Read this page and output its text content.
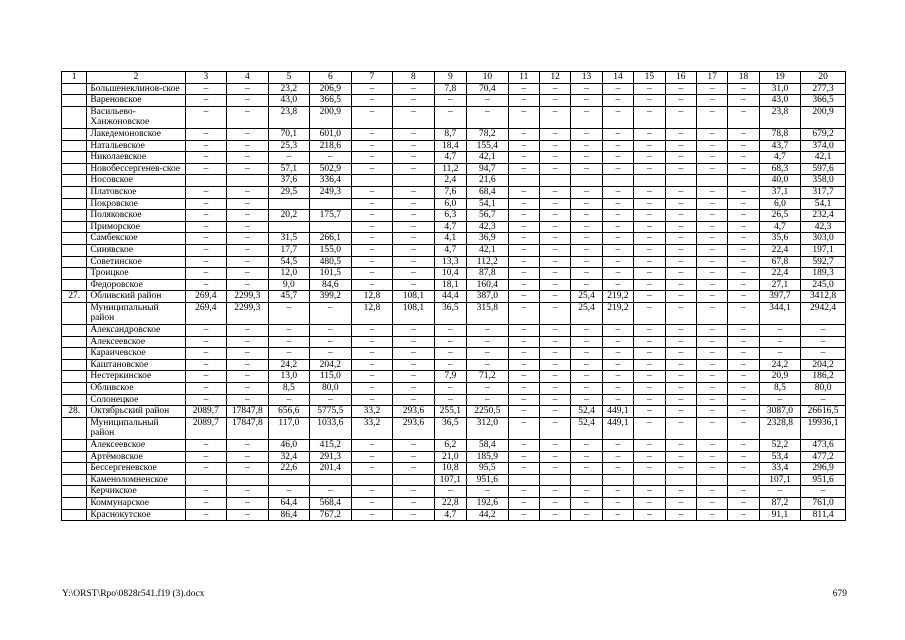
1	2	3	4	5	6	7	8	9	10	11	12	13	14	15	16	17	18	19	20
	Большенеклинов-ское	–	–	23,2	206,9	–	–	7,8	70,4	–	–	–	–	–	–	–	–	31,0	277,3
	Вареновское	–	–	43,0	366,5	–	–	–	–	–	–	–	–	–	–	–	–	43,0	366,5
	Васильево-Ханжоновское	–	–	23,8	200,9	–	–	–	–	–	–	–	–	–	–	–	–	23,8	200,9
	Лакедемоновское	–	–	70,1	601,0	–	–	8,7	78,2	–	–	–	–	–	–	–	–	78,8	679,2
	Натальевское	–	–	25,3	218,6	–	–	18,4	155,4	–	–	–	–	–	–	–	–	43,7	374,0
	Николаевское	–	–	–	–	–	–	4,7	42,1	–	–	–	–	–	–	–	–	4,7	42,1
	Новобессергенев-ское	–	–	57,1	502,9	–	–	11,2	94,7	–	–	–	–	–	–	–	–	68,3	597,6
	Носовское			37,6	336,4			2,4	21,6									40,0	358,0
	Платовское	–	–	29,5	249,3	–	–	7,6	68,4	–	–	–	–	–	–	–	–	37,1	317,7
	Покровское	–	–			–	–	6,0	54,1	–	–	–	–	–	–	–	–	6,0	54,1
	Поляковское	–	–	20,2	175,7	–	–	6,3	56,7	–	–	–	–	–	–	–	–	26,5	232,4
	Приморское	–	–			–	–	4,7	42,3	–	–	–	–	–	–	–	–	4,7	42,3
	Самбекское	–	–	31,5	266,1	–	–	4,1	36,9	–	–	–	–	–	–	–	–	35,6	303,0
	Синявское	–	–	17,7	155,0	–	–	4,7	42,1	–	–	–	–	–	–	–	–	22,4	197,1
	Советинское	–	–	54,5	480,5	–	–	13,3	112,2	–	–	–	–	–	–	–	–	67,8	592,7
	Троицкое	–	–	12,0	101,5	–	–	10,4	87,8	–	–	–	–	–	–	–	–	22,4	189,3
	Федоровское	–	–	9,0	84,6	–	–	18,1	160,4	–	–	–	–	–	–	–	–	27,1	245,0
27.	Обливский район	269,4	2299,3	45,7	399,2	12,8	108,1	44,4	387,0	–	–	25,4	219,2	–	–	–	–	397,7	3412,8
	Муниципальный район	269,4	2299,3	–	–	12,8	108,1	36,5	315,8	–	–	25,4	219,2	–	–	–	–	344,1	2942,4
	Александровское	–	–	–	–	–	–	–	–	–	–	–	–	–	–	–	–	–	–
	Алексеевское	–	–	–	–	–	–	–	–	–	–	–	–	–	–	–	–	–	–
	Караичевское	–	–	–	–	–	–	–	–	–	–	–	–	–	–	–	–	–	–
	Каштановское	–	–	24,2	204,2	–	–	–	–	–	–	–	–	–	–	–	–	24,2	204,2
	Нестеркинское	–	–	13,0	115,0	–	–	7,9	71,2	–	–	–	–	–	–	–	–	20,9	186,2
	Обливское	–	–	8,5	80,0	–	–	–	–	–	–	–	–	–	–	–	–	8,5	80,0
	Солонецкое	–	–	–	–	–	–	–	–	–	–	–	–	–	–	–	–	–	–
28.	Октябрьский район	2089,7	17847,8	656,6	5775,5	33,2	293,6	255,1	2250,5	–	–	52,4	449,1	–	–	–	–	3087,0	26616,5
	Муниципальный район	2089,7	17847,8	117,0	1033,6	33,2	293,6	36,5	312,0	–	–	52,4	449,1	–	–	–	–	2328,8	19936,1
	Алексеевское	–	–	46,0	415,2	–	–	6,2	58,4	–	–	–	–	–	–	–	–	52,2	473,6
	Артёмовское	–	–	32,4	291,3	–	–	21,0	185,9	–	–	–	–	–	–	–	–	53,4	477,2
	Бессергеневское	–	–	22,6	201,4	–	–	10,8	95,5	–	–	–	–	–	–	–	–	33,4	296,9
	Каменоломненское							107,1	951,6									107,1	951,6
	Керчикское	–	–	–	–	–	–	–	–	–	–	–	–	–	–	–	–	–	–
	Коммунарское	–	–	64,4	568,4	–	–	22,8	192,6	–	–	–	–	–	–	–	–	87,2	761,0
	Краснокутское	–	–	86,4	767,2	–	–	4,7	44,2	–	–	–	–	–	–	–	–	91,1	811,4
Y:\ORST\Rpo\0828r541.f19 (3).docx	679
